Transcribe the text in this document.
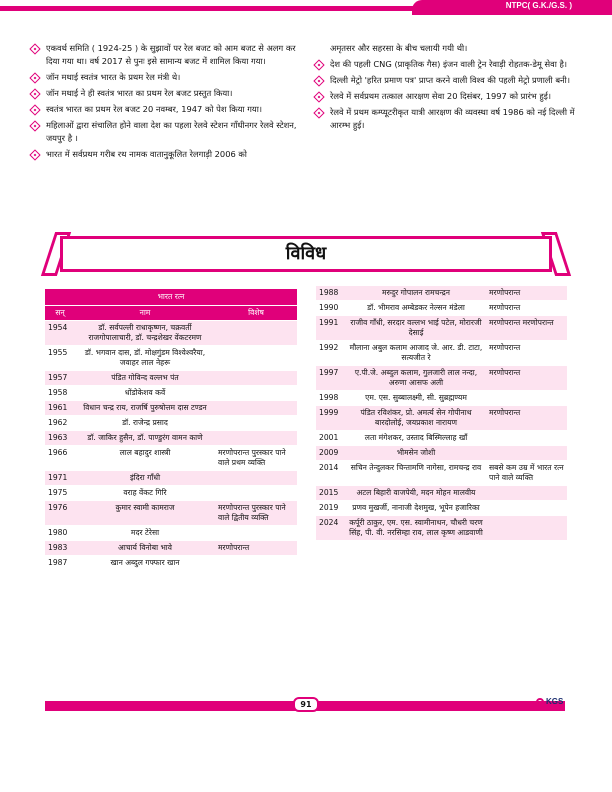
NTPC( G.K./G.S. )
एकवर्थ समिति ( 1924-25 ) के सुझावों पर रेल बजट को आम बजट से अलग कर दिया गया था। वर्ष 2017 से पुनः इसे सामान्य बजट में शामिल किया गया।
जॉन मथाई स्वतंत्र भारत के प्रथम रेल मंत्री थे।
जॉन मथाई ने ही स्वतंत्र भारत का प्रथम रेल बजट प्रस्तुत किया।
स्वतंत्र भारत का प्रथम रेल बजट 20 नवम्बर, 1947 को पेश किया गया।
महिलाओं द्वारा संचालित होने वाला देश का पहला रेलवे स्टेशन गाँधीनगर रेलवे स्टेशन, जयपुर है ।
भारत में सर्वप्रथम गरीब रथ नामक वातानुकूलित रेलगाड़ी 2006 को
अमृतसर और सहरसा के बीच चलायी गयी थी।
देश की पहली CNG (प्राकृतिक गैस) इंजन वाली ट्रेन रेवाड़ी रोहतक-डेमू सेवा है।
दिल्ली मेट्रो 'हरित प्रमाण पत्र' प्राप्त करने वाली विश्व की पहली मेट्रो प्रणाली बनी।
रेलवे में सर्वप्रथम तत्काल आरक्षण सेवा 20 दिसंबर, 1997 को प्रारंभ हुई।
रेलवे में प्रथम कम्प्यूटरीकृत यात्री आरक्षण की व्यवस्था वर्ष 1986 को नई दिल्ली में आरम्भ हुई।
विविध
भारत रत्न		
सन्	नाम	विशेष
1954	डॉ. सर्वपल्ली राधाकृष्णन, चक्रवर्ती राजगोपालाचारी, डॉ. चन्द्रशेखर वेंकटरमण	
1955	डॉ. भगवान दास, डॉ. मोक्षगुंडम विश्वेश्वरैया, जवाहर लाल नेहरू	
1957	पंडित गोविन्द वल्लभ पंत	
1958	धोंडोकेशव कर्वे	
1961	विधान चन्द्र राय, राजर्षि पुरुषोत्तम दास टण्डन	
1962	डॉ. राजेन्द्र प्रसाद	
1963	डॉ. जाकिर हुसैन, डॉ. पाण्डुरंग वामन काणे	
1966	लाल बहादुर शास्त्री	मरणोपरान्त पुरस्कार पाने वाले प्रथम व्यक्ति
1971	इंदिरा गाँधी	
1975	वराह वेंकट गिरि	
1976	कुमार स्वामी कामराज	मरणोपरान्त पुरस्कार पाने वाले द्वितीय व्यक्ति
1980	मदर टेरेसा	
1983	आचार्य विनोबा भावे	मरणोपरान्त
1987	खान अब्दुल गफ्फार खान	
1988	मरुदुर गोपालन रामचन्द्रन	मरणोपरान्त
1990	डॉ. भीमराव अम्बेडकर नेल्सन मंडेला	मरणोपरान्त
1991	राजीव गाँधी, सरदार वल्लभ भाई पटेल, मोरारजी देसाई	मरणोपरान्त मरणोपरान्त
1992	मौलाना अबुल कलाम आजाद जे. आर. डी. टाटा, सत्यजीत रे	मरणोपरान्त
1997	ए.पी.जे. अब्दुल कलाम, गुलजारी लाल नन्दा, अरुणा आसफ अली	मरणोपरान्त
1998	एम. एस. सुब्बालक्ष्मी, सी. सुब्रह्मण्यम	
1999	पंडित रविशंकर, प्रो. अमर्त्य सेन गोपीनाथ बारदोलोई, जयप्रकाश नारायण	मरणोपरान्त
2001	लता मंगेशकर, उस्ताद बिस्मिल्लाह खाँ	
2009	भीमसेन जोशी	
2014	सचिन तेन्दुलकर चिन्तामणि नागेसा, रामचन्द्र राव	सबसे कम उम्र में भारत रत्न पाने वाले व्यक्ति
2015	अटल बिहारी वाजपेयी, मदन मोहन मालवीय	
2019	प्रणव मुखर्जी, नानाजी देशमुख, भूपेन हजारिका	
2024	कर्पूरी ठाकुर, एम. एस. स्वामीनाथन, चौधरी चरण सिंह, पी. वी. नरसिम्हा राव, लाल कृष्ण आडवाणी	
91	KGS
